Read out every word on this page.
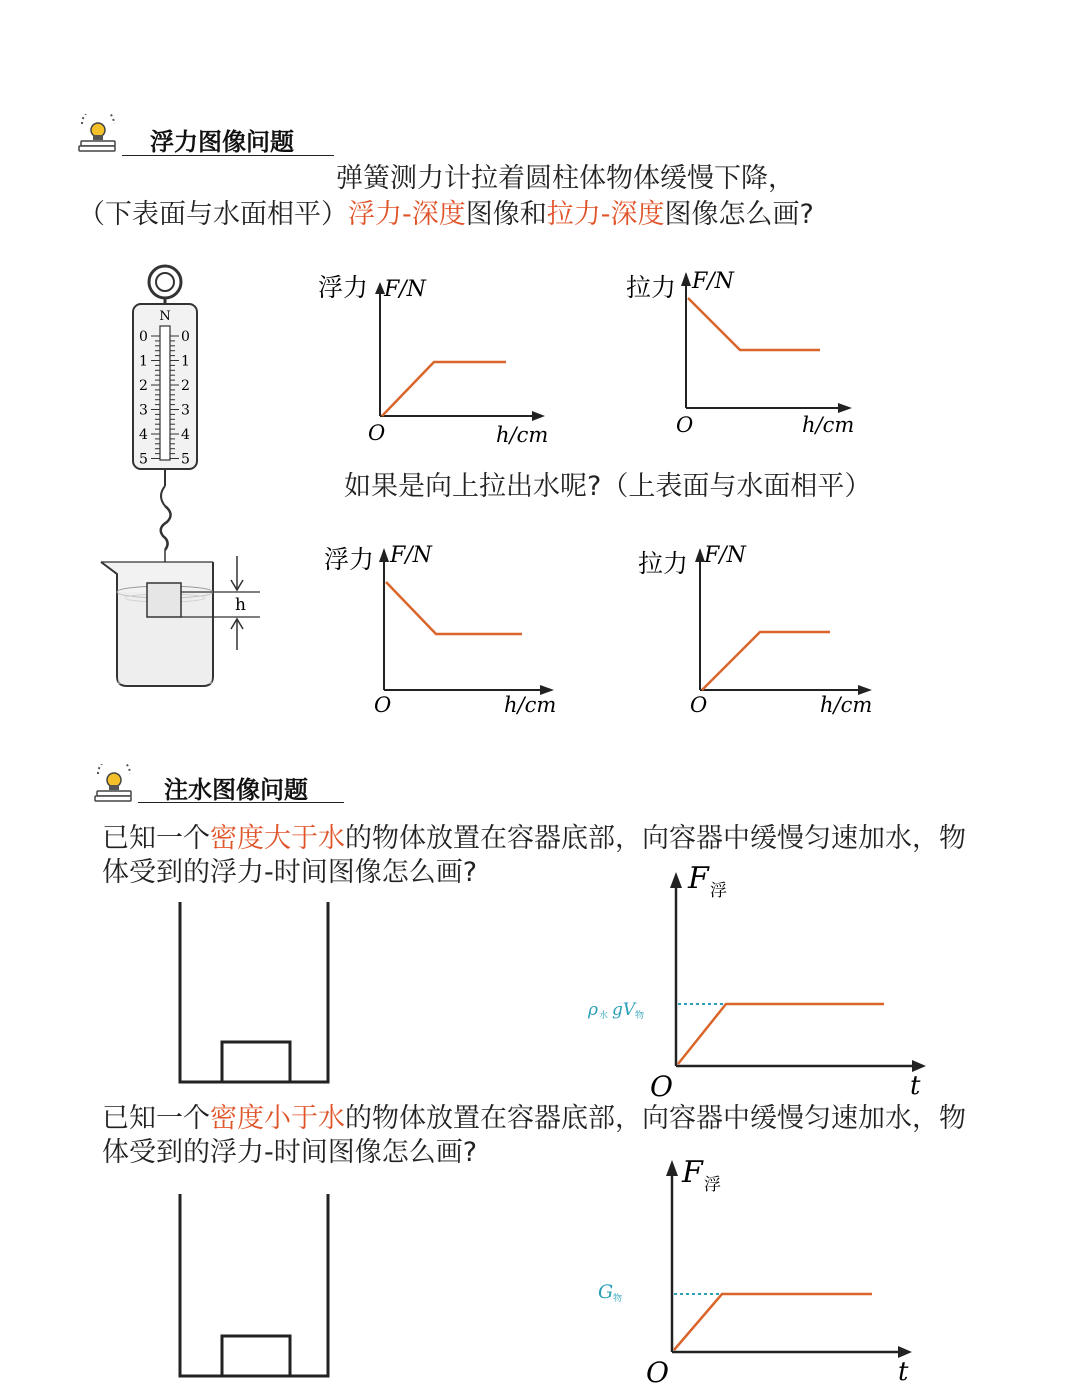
浮力图像问题
弹簧测力计拉着圆柱体物体缓慢下降，
（下表面与水面相平）浮力-深度图像和拉力-深度图像怎么画?
N
0 0
1 1
2 2
3 3
4 4
5 5
h
浮力 F/N
O	h/cm
拉力 F/N
O	h/cm
如果是向上拉出水呢?（上表面与水面相平）
浮力 F/N
O	h/cm
拉力 F/N
O	h/cm
注水图像问题
已知一个密度大于水的物体放置在容器底部，向容器中缓慢匀速加水，物
体受到的浮力-时间图像怎么画?	F 浮
O	t
ρ 水 gV 物
已知一个密度小于水的物体放置在容器底部，向容器中缓慢匀速加水，物
体受到的浮力-时间图像怎么画?
F 浮
O	t
G 物
